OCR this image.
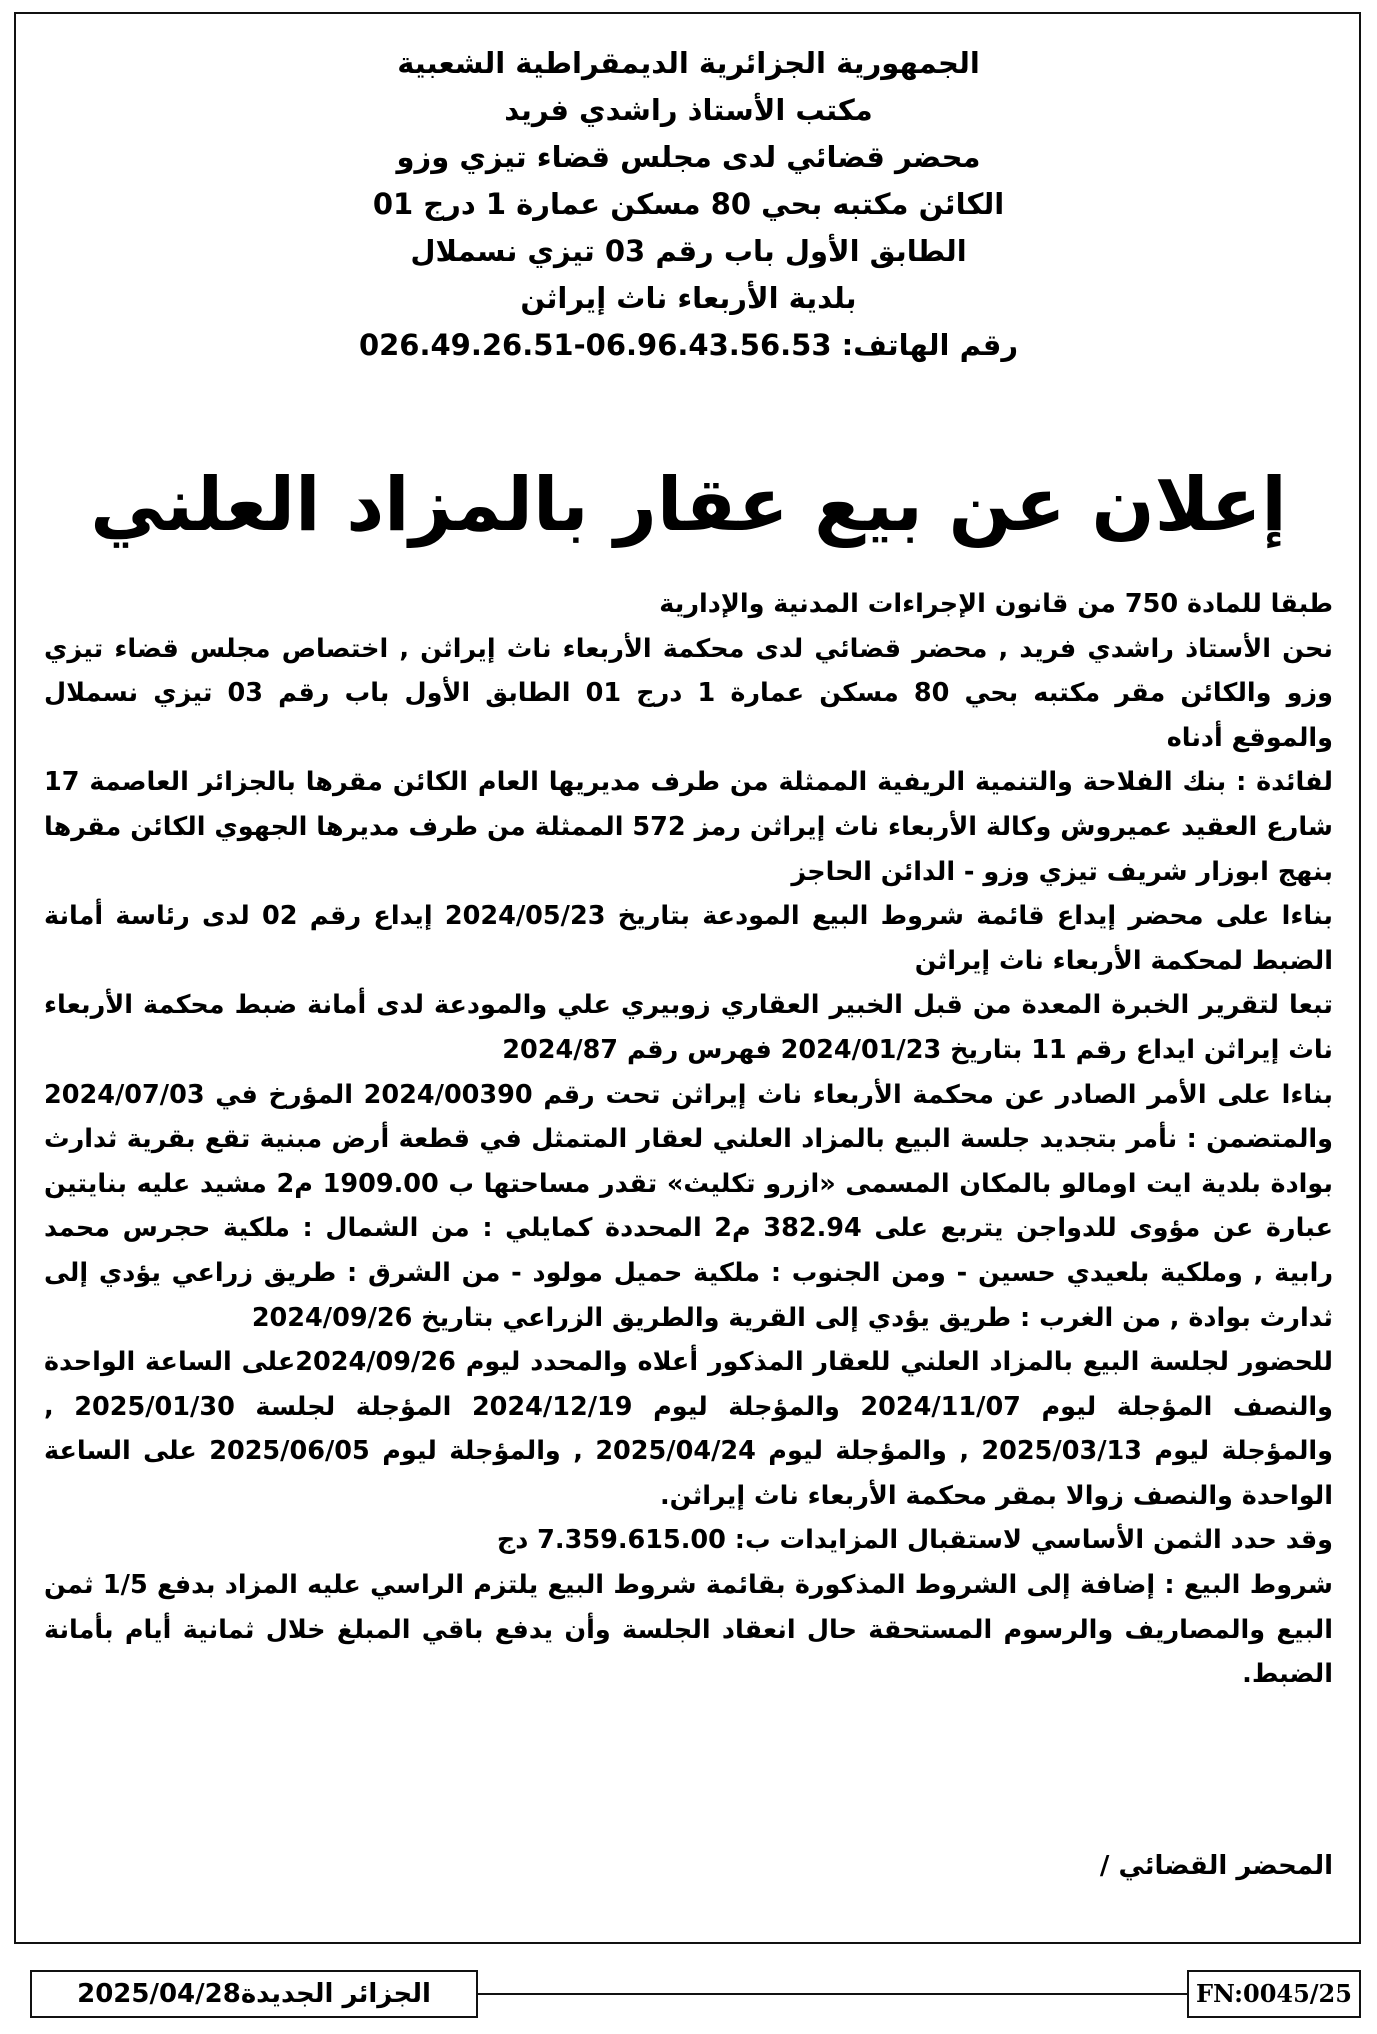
الجمهورية الجزائرية الديمقراطية الشعبية
مكتب الأستاذ راشدي فريد
محضر قضائي لدى مجلس قضاء تيزي وزو
الكائن مكتبه بحي 80 مسكن عمارة 1 درج 01
الطابق الأول باب رقم 03 تيزي نسملال
بلدية الأربعاء ناث إيراثن
رقم الهاتف: 026.49.26.51-06.96.43.56.53
إعلان عن بيع عقار بالمزاد العلني

طبقا للمادة 750 من قانون الإجراءات المدنية والإدارية

نحن الأستاذ راشدي فريد , محضر قضائي لدى محكمة الأربعاء ناث إيراثن , اختصاص مجلس قضاء تيزي وزو والكائن مقر مكتبه بحي 80 مسكن عمارة 1 درج 01 الطابق الأول باب رقم 03 تيزي نسملال والموقع أدناه

لفائدة : بنك الفلاحة والتنمية الريفية الممثلة من طرف مديريها العام الكائن مقرها بالجزائر العاصمة 17 شارع العقيد عميروش وكالة الأربعاء ناث إيراثن رمز 572 الممثلة من طرف مديرها الجهوي الكائن مقرها بنهج ابوزار شريف تيزي وزو - الدائن الحاجز

بناءا على محضر إيداع قائمة شروط البيع المودعة بتاريخ 2024/05/23 إيداع رقم 02 لدى رئاسة أمانة الضبط لمحكمة الأربعاء ناث إيراثن

تبعا لتقرير الخبرة المعدة من قبل الخبير العقاري زوبيري علي والمودعة لدى أمانة ضبط محكمة الأربعاء ناث إيراثن ايداع رقم 11 بتاريخ 2024/01/23 فهرس رقم 2024/87

بناءا على الأمر الصادر عن محكمة الأربعاء ناث إيراثن تحت رقم 2024/00390 المؤرخ في 2024/07/03 والمتضمن : نأمر بتجديد جلسة البيع بالمزاد العلني لعقار المتمثل في قطعة أرض مبنية تقع بقرية ثدارث بوادة بلدية ايت اومالو بالمكان المسمى «ازرو تكليث» تقدر مساحتها ب 1909.00 م2 مشيد عليه بنايتين عبارة عن مؤوى للدواجن يتربع على 382.94 م2 المحددة كمايلي : من الشمال : ملكية حجرس محمد رابية , وملكية بلعيدي حسين - ومن الجنوب : ملكية حميل مولود - من الشرق : طريق زراعي يؤدي إلى ثدارث بوادة , من الغرب : طريق يؤدي إلى القرية والطريق الزراعي بتاريخ 2024/09/26

للحضور لجلسة البيع بالمزاد العلني للعقار المذكور أعلاه والمحدد ليوم 2024/09/26على الساعة الواحدة والنصف المؤجلة ليوم 2024/11/07 والمؤجلة ليوم 2024/12/19 المؤجلة لجلسة 2025/01/30 , والمؤجلة ليوم 2025/03/13 , والمؤجلة ليوم 2025/04/24 , والمؤجلة ليوم 2025/06/05 على الساعة الواحدة والنصف زوالا بمقر محكمة الأربعاء ناث إيراثن.

وقد حدد الثمن الأساسي لاستقبال المزايدات ب: 7.359.615.00 دج

شروط البيع : إضافة إلى الشروط المذكورة بقائمة شروط البيع يلتزم الراسي عليه المزاد بدفع 1/5 ثمن البيع والمصاريف والرسوم المستحقة حال انعقاد الجلسة وأن يدفع باقي المبلغ خلال ثمانية أيام بأمانة الضبط.

المحضر القضائي /
الجزائر الجديدة2025/04/28	FN:0045/25
